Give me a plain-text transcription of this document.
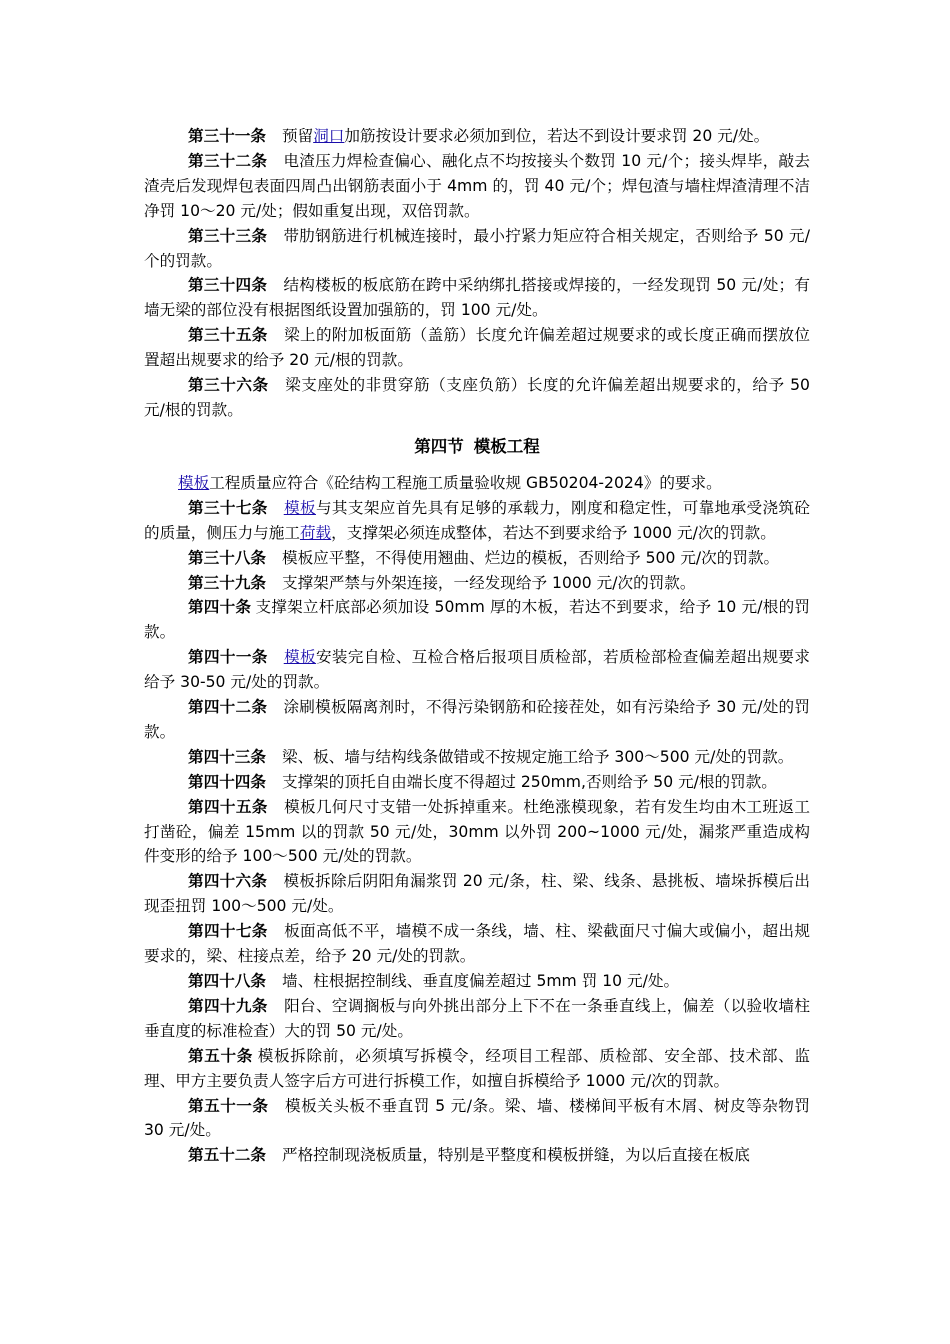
第三十一条 预留洞口加筋按设计要求必须加到位，若达不到设计要求罚 20 元/处。

第三十二条 电渣压力焊检查偏心、融化点不均按接头个数罚 10 元/个；接头焊毕，敲去渣壳后发现焊包表面四周凸出钢筋表面小于 4mm 的，罚 40 元/个；焊包渣与墙柱焊渣清理不洁净罚 10～20 元/处；假如重复出现，双倍罚款。

第三十三条 带肋钢筋进行机械连接时，最小拧紧力矩应符合相关规定，否则给予 50 元/个的罚款。

第三十四条 结构楼板的板底筋在跨中采纳绑扎搭接或焊接的，一经发现罚 50 元/处；有墙无梁的部位没有根据图纸设置加强筋的，罚 100 元/处。

第三十五条 梁上的附加板面筋（盖筋）长度允许偏差超过规要求的或长度正确而摆放位置超出规要求的给予 20 元/根的罚款。

第三十六条 梁支座处的非贯穿筋（支座负筋）长度的允许偏差超出规要求的，给予 50 元/根的罚款。

第四节 模板工程

模板工程质量应符合《砼结构工程施工质量验收规 GB50204-2024》的要求。

第三十七条 模板与其支架应首先具有足够的承载力，刚度和稳定性，可靠地承受浇筑砼的质量，侧压力与施工荷载，支撑架必须连成整体，若达不到要求给予 1000 元/次的罚款。

第三十八条 模板应平整，不得使用翘曲、烂边的模板，否则给予 500 元/次的罚款。

第三十九条 支撑架严禁与外架连接，一经发现给予 1000 元/次的罚款。

第四十条 支撑架立杆底部必须加设 50mm 厚的木板，若达不到要求，给予 10 元/根的罚款。

第四十一条 模板安装完自检、互检合格后报项目质检部，若质检部检查偏差超出规要求给予 30-50 元/处的罚款。

第四十二条 涂刷模板隔离剂时，不得污染钢筋和砼接茬处，如有污染给予 30 元/处的罚款。

第四十三条 梁、板、墙与结构线条做错或不按规定施工给予 300～500 元/处的罚款。

第四十四条 支撑架的顶托自由端长度不得超过 250mm,否则给予 50 元/根的罚款。

第四十五条 模板几何尺寸支错一处拆掉重来。杜绝涨模现象，若有发生均由木工班返工打凿砼，偏差 15mm 以的罚款 50 元/处，30mm 以外罚 200~1000 元/处，漏浆严重造成构件变形的给予 100～500 元/处的罚款。

第四十六条 模板拆除后阴阳角漏浆罚 20 元/条，柱、梁、线条、悬挑板、墙垛拆模后出现歪扭罚 100～500 元/处。

第四十七条 板面高低不平，墙模不成一条线，墙、柱、梁截面尺寸偏大或偏小，超出规要求的，梁、柱接点差，给予 20 元/处的罚款。

第四十八条 墙、柱根据控制线、垂直度偏差超过 5mm 罚 10 元/处。

第四十九条 阳台、空调搁板与向外挑出部分上下不在一条垂直线上，偏差（以验收墙柱垂直度的标准检查）大的罚 50 元/处。

第五十条 模板拆除前，必须填写拆模令，经项目工程部、质检部、安全部、技术部、监理、甲方主要负责人签字后方可进行拆模工作，如擅自拆模给予 1000 元/次的罚款。

第五十一条 模板关头板不垂直罚 5 元/条。梁、墙、楼梯间平板有木屑、树皮等杂物罚 30 元/处。

第五十二条 严格控制现浇板质量，特别是平整度和模板拼缝，为以后直接在板底
